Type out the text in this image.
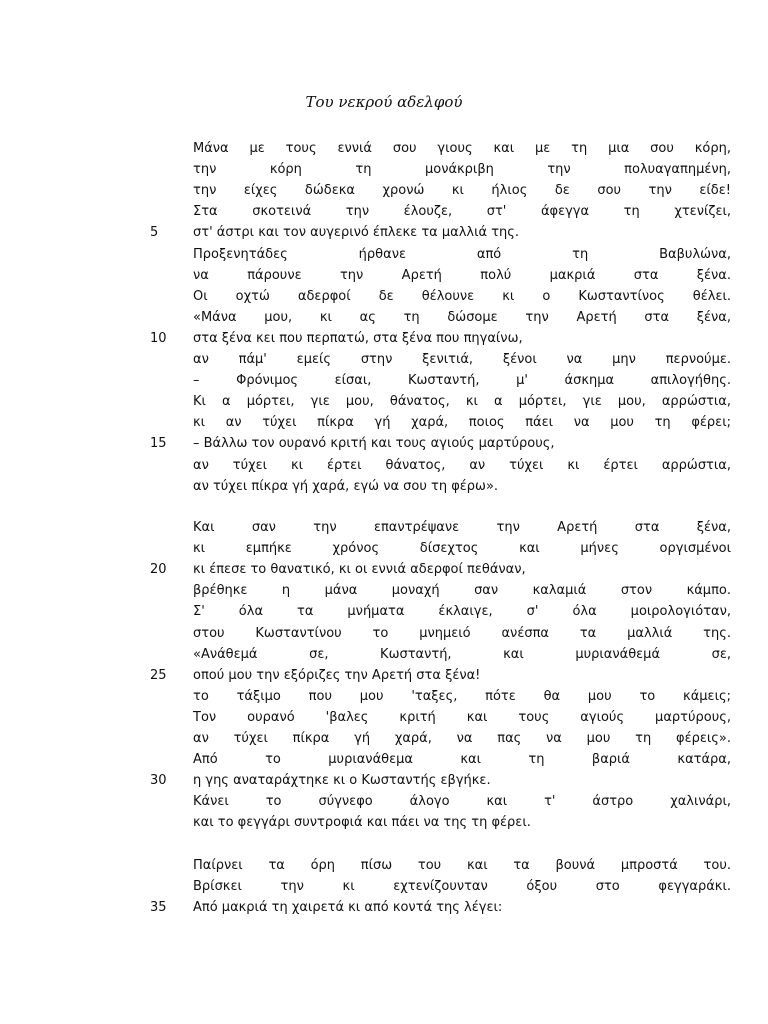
Του νεκρού αδελφού
Μάνα με τους εννιά σου γιους και με τη μια σου κόρη,
την κόρη τη μονάκριβη την πολυαγαπημένη,
την είχες δώδεκα χρονώ κι ήλιος δε σου την είδε!
Στα σκοτεινά την έλουζε, στ' άφεγγα τη χτενίζει,
στ' άστρι και τον αυγερινό έπλεκε τα μαλλιά της.
Προξενητάδες ήρθανε από τη Βαβυλώνα,
να πάρουνε την Αρετή πολύ μακριά στα ξένα.
Οι οχτώ αδερφοί δε θέλουνε κι ο Κωσταντίνος θέλει.
«Μάνα μου, κι ας τη δώσομε την Αρετή στα ξένα,
στα ξένα κει που περπατώ, στα ξένα που πηγαίνω,
αν πάμ' εμείς στην ξενιτιά, ξένοι να μην περνούμε.
– Φρόνιμος είσαι, Κωσταντή, μ' άσκημα απιλογήθης.
Κι α μόρτει, γιε μου, θάνατος, κι α μόρτει, γιε μου, αρρώστια,
κι αν τύχει πίκρα γή χαρά, ποιος πάει να μου τη φέρει;
– Βάλλω τον ουρανό κριτή και τους αγιούς μαρτύρους,
αν τύχει κι έρτει θάνατος, αν τύχει κι έρτει αρρώστια,
αν τύχει πίκρα γή χαρά, εγώ να σου τη φέρω».
Και σαν την επαντρέψανε την Αρετή στα ξένα,
κι εμπήκε χρόνος δίσεχτος και μήνες οργισμένοι
κι έπεσε το θανατικό, κι οι εννιά αδερφοί πεθάναν,
βρέθηκε η μάνα μοναχή σαν καλαμιά στον κάμπο.
Σ' όλα τα μνήματα έκλαιγε, σ' όλα μοιρολογιόταν,
στου Κωσταντίνου το μνημειό ανέσπα τα μαλλιά της.
«Ανάθεμά σε, Κωσταντή, και μυριανάθεμά σε,
οπού μου την εξόριζες την Αρετή στα ξένα!
το τάξιμο που μου 'ταξες, πότε θα μου το κάμεις;
Τον ουρανό 'βαλες κριτή και τους αγιούς μαρτύρους,
αν τύχει πίκρα γή χαρά, να πας να μου τη φέρεις».
Από το μυριανάθεμα και τη βαριά κατάρα,
η γης αναταράχτηκε κι ο Κωσταντής εβγήκε.
Κάνει το σύγνεφο άλογο και τ' άστρο χαλινάρι,
και το φεγγάρι συντροφιά και πάει να της τη φέρει.
Παίρνει τα όρη πίσω του και τα βουνά μπροστά του.
Βρίσκει την κι εχτενίζουνταν όξου στο φεγγαράκι.
Από μακριά τη χαιρετά κι από κοντά της λέγει:
5
10
15
20
25
30
35
